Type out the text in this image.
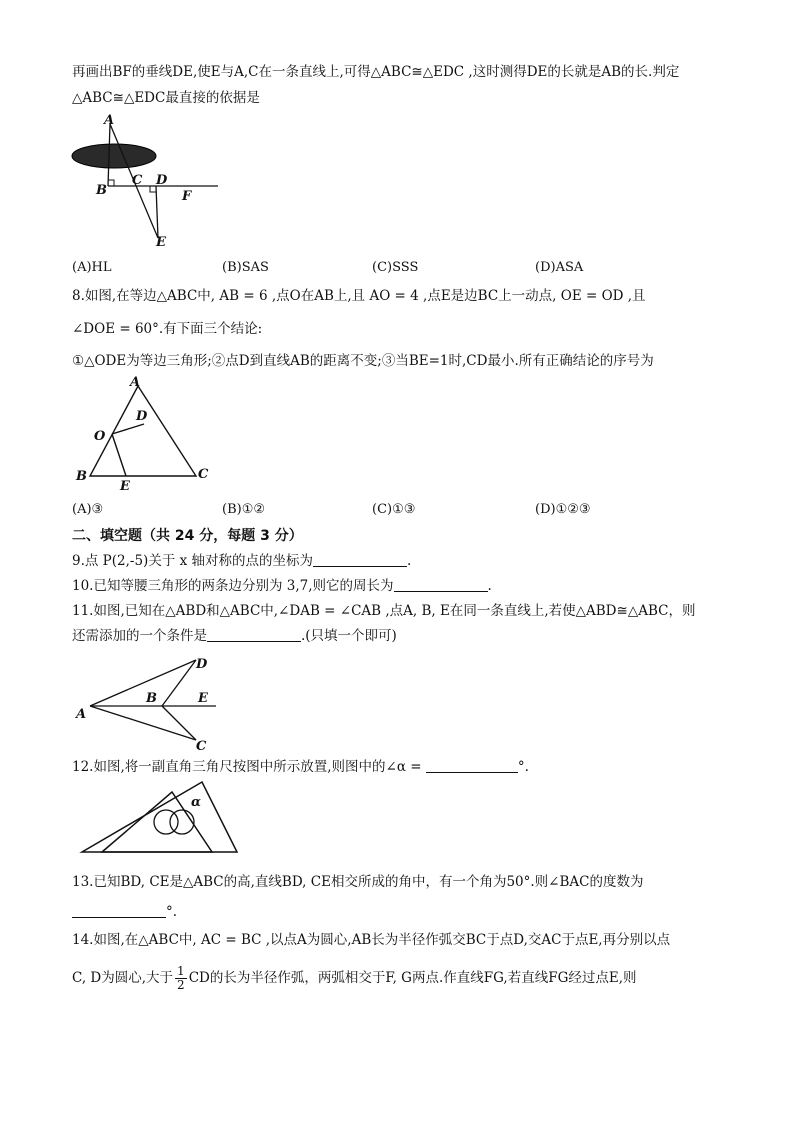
再画出BF的垂线DE,使E与A,C在一条直线上,可得△ABC≅△EDC ,这时测得DE的长就是AB的长.判定
△ABC≅△EDC最直接的依据是
A
B
C D
F
E
(A)HL	(B)SAS	(C)SSS	(D)ASA
8.如图,在等边△ABC中, AB = 6 ,点O在AB上,且 AO = 4 ,点E是边BC上一动点, OE = OD ,且
∠DOE = 60°.有下面三个结论:
①△ODE为等边三角形;②点D到直线AB的距离不变;③当BE=1时,CD最小.所有正确结论的序号为
A
D
O
B
E
C
(A)③	(B)①②	(C)①③	(D)①②③
二、填空题（共 24 分，每题 3 分）
9.点 P(2,-5)关于 x 轴对称的点的坐标为	.
10.已知等腰三角形的两条边分别为 3,7,则它的周长为	.
11.如图,已知在△ABD和△ABC中,∠DAB = ∠CAB ,点A, B, E在同一条直线上,若使△ABD≅△ABC，则
还需添加的一个条件是	.(只填一个即可)
D
B	E
A
C
12.如图,将一副直角三角尺按图中所示放置,则图中的∠α =	°.
α
13.已知BD, CE是△ABC的高,直线BD, CE相交所成的角中，有一个角为50°.则∠BAC的度数为
°.
14.如图,在△ABC中, AC = BC ,以点A为圆心,AB长为半径作弧交BC于点D,交AC于点E,再分别以点
C, D为圆心,大于 $\frac{1}{2}$ CD的长为半径作弧，两弧相交于F, G两点.作直线FG,若直线FG经过点E,则
